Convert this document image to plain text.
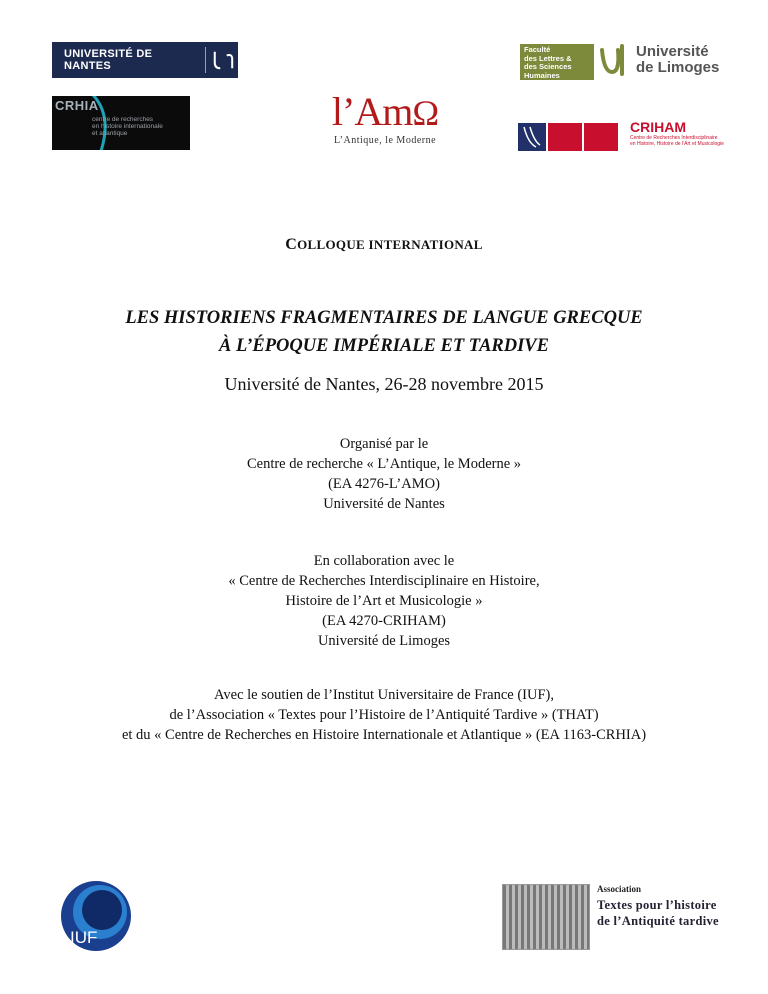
UNIVERSITÉ DE NANTES
Faculté
des Lettres &
des Sciences
Humaines
Université
de Limoges
CRHIA
centre de recherches
en histoire internationale
et atlantique	l’AmΩ
L’Antique, le Moderne
CRIHAM
Centre de Recherches Interdisciplinaire
en Histoire, Histoire de l’Art et Musicologie
COLLOQUE INTERNATIONAL
LES HISTORIENS FRAGMENTAIRES DE LANGUE GRECQUE
À L’ÉPOQUE IMPÉRIALE ET TARDIVE
Université de Nantes, 26-28 novembre 2015
Organisé par le
Centre de recherche « L’Antique, le Moderne »
(EA 4276-L’AMO)
Université de Nantes
En collaboration avec le
« Centre de Recherches Interdisciplinaire en Histoire,
Histoire de l’Art et Musicologie »
(EA 4270-CRIHAM)
Université de Limoges
Avec le soutien de l’Institut Universitaire de France (IUF),
de l’Association « Textes pour l’Histoire de l’Antiquité Tardive » (THAT)
et du « Centre de Recherches en Histoire Internationale et Atlantique » (EA 1163-CRHIA)
IUF
Association
Textes pour l’histoire
de l’Antiquité tardive
